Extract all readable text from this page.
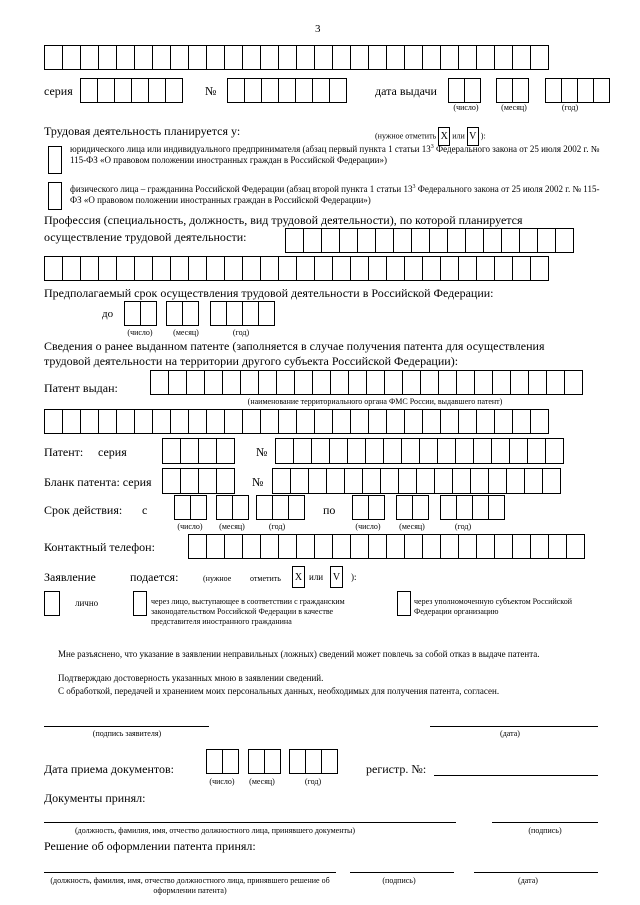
3
серия	№	дата выдачи
(число)	(месяц)	(год)
Трудовая деятельность планируется у:	(нужное отметить X или V ):
юридического лица или индивидуального предпринимателя (абзац первый пункта 1 статьи $13^3$ Федерального закона от 25 июля 2002 г. № 115-ФЗ «О правовом положении иностранных граждан в Российской Федерации»)
физического лица – гражданина Российской Федерации (абзац второй пункта 1 статьи $13^3$ Федерального закона от 25 июля 2002 г. № 115-ФЗ «О правовом положении иностранных граждан в Российской Федерации»)
Профессия (специальность, должность, вид трудовой деятельности), по которой планируется
осуществление трудовой деятельности:
Предполагаемый срок осуществления трудовой деятельности в Российской Федерации:
до
(число)	(месяц)	(год)
Сведения о ранее выданном патенте (заполняется в случае получения патента для осуществления
трудовой деятельности на территории другого субъекта Российской Федерации):
Патент выдан:
(наименование территориального органа ФМС России, выдавшего патент)
Патент: серия	№
Бланк патента: серия	№
Срок действия: с	по
(число)	(месяц)	(год)	(число)	(месяц)	(год)
Контактный телефон:
Заявление	подается:	(нужное отметить X или V	):
лично	через лицо, выступающее в соответствии с гражданским законодательством Российской Федерации в качестве представителя иностранного гражданина
через уполномоченную субъектом Российской Федерации организацию
Мне разъяснено, что указание в заявлении неправильных (ложных) сведений может повлечь за собой отказ в выдаче патента.
Подтверждаю достоверность указанных мною в заявлении сведений.
С обработкой, передачей и хранением моих персональных данных, необходимых для получения патента, согласен.
(подпись заявителя)	(дата)
Дата приема документов:
(число)	(месяц)	(год)
регистр. №:
Документы принял:
(должность, фамилия, имя, отчество должностного лица, принявшего документы)	(подпись)
Решение об оформлении патента принял:
(должность, фамилия, имя, отчество должностного лица, принявшего решение об оформлении патента)
(подпись)	(дата)
